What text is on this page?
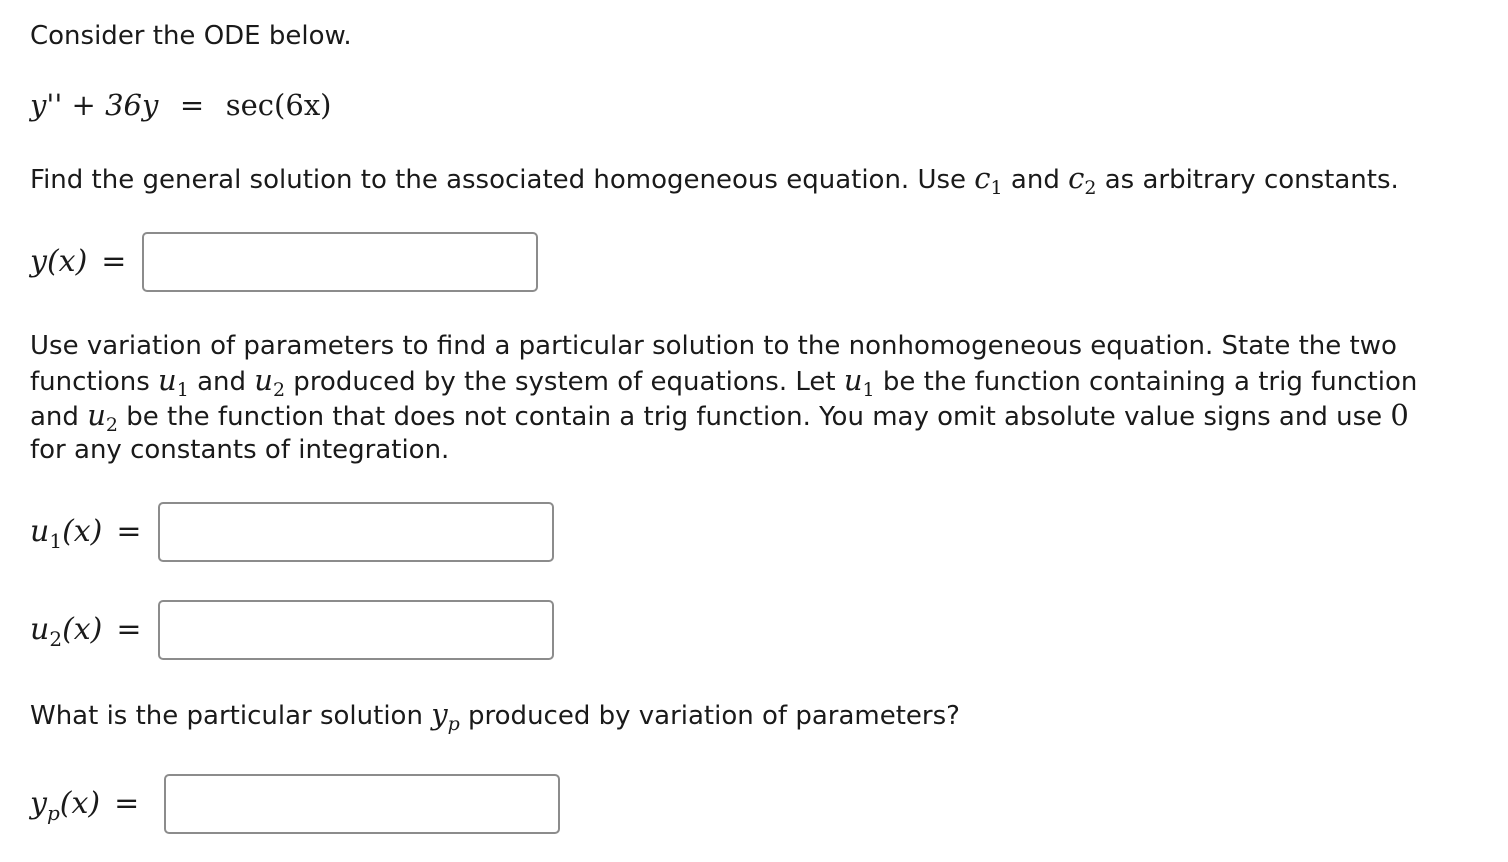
Consider the ODE below.

y'' + 36y = sec(6x)

Find the general solution to the associated homogeneous equation. Use $c_1$ and $c_2$ as arbitrary constants.

y(x) =

Use variation of parameters to find a particular solution to the nonhomogeneous equation. State the two

functions $u_1$ and $u_2$ produced by the system of equations. Let $u_1$ be the function containing a trig function

and $u_2$ be the function that does not contain a trig function. You may omit absolute value signs and use 0

for any constants of integration.

$u_1(x)$ =
$u_2(x)$ =

What is the particular solution $y_p$ produced by variation of parameters?

$y_p(x)$ =
